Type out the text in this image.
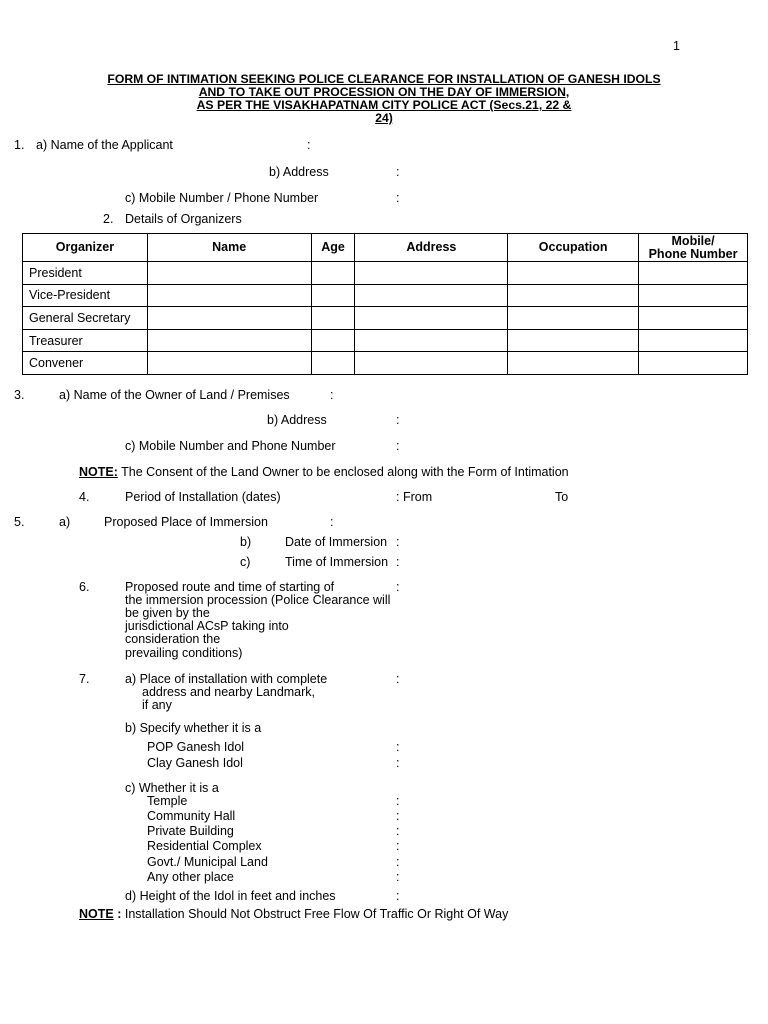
1
FORM OF INTIMATION SEEKING POLICE CLEARANCE FOR INSTALLATION OF GANESH IDOLS
AND TO TAKE OUT PROCESSION ON THE DAY OF IMMERSION,
AS PER THE VISAKHAPATNAM CITY POLICE ACT (Secs.21, 22 &
24)
1. a) Name of the Applicant	:
b) Address	:
c) Mobile Number / Phone Number	:
2. Details of Organizers
Organizer	Name	Age	Address	Occupation	Mobile/
Phone Number
President					
Vice-President					
General Secretary					
Treasurer					
Convener					
3.	a) Name of the Owner of Land / Premises	:
b) Address	:
c) Mobile Number and Phone Number	:
NOTE: The Consent of the Land Owner to be enclosed along with the Form of Intimation
4.	Period of Installation (dates)	: From	To
5.	a)	Proposed Place of Immersion	:
b)	Date of Immersion :
c)	Time of Immersion :
6.	Proposed route and time of starting of
the immersion procession (Police Clearance will
be given by the
jurisdictional ACsP taking into
consideration the
prevailing conditions)
:
7.	a) Place of installation with complete
address and nearby Landmark,
if any
:
b) Specify whether it is a
POP Ganesh Idol	:
Clay Ganesh Idol	:
c) Whether it is a
Temple	:
Community Hall	:
Private Building	:
Residential Complex	:
Govt./ Municipal Land	:
Any other place	:
d) Height of the Idol in feet and inches	:
NOTE : Installation Should Not Obstruct Free Flow Of Traffic Or Right Of Way
